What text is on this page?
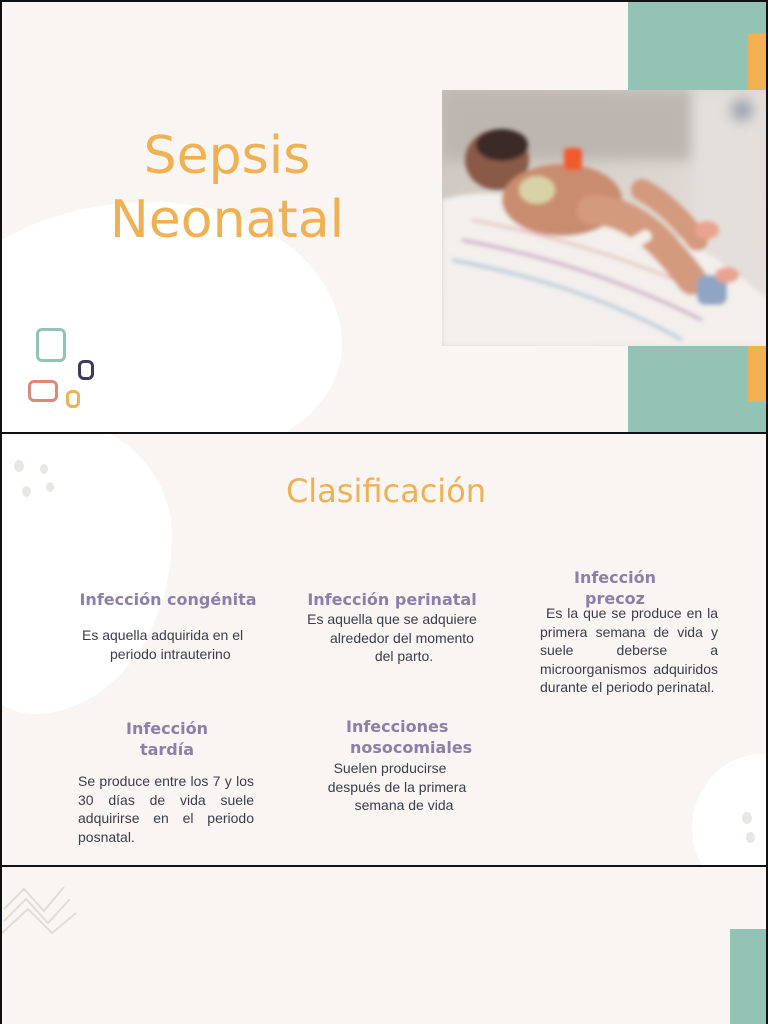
Sepsis
Neonatal
Clasificación
Infección congénita
Es aquella adquirida en el
periodo intrauterino
Infección perinatal
Es aquella que se adquiere
alrededor del momento
del parto.
Infección
precoz
Es la que se produce en la primera semana de vida y suele deberse a microorganismos adquiridos durante el periodo perinatal.
Infección
tardía
Se produce entre los 7 y los 30 días de vida suele adquirirse en el periodo posnatal.
Infecciones
nosocomiales
Suelen producirse
después de la primera
semana de vida
